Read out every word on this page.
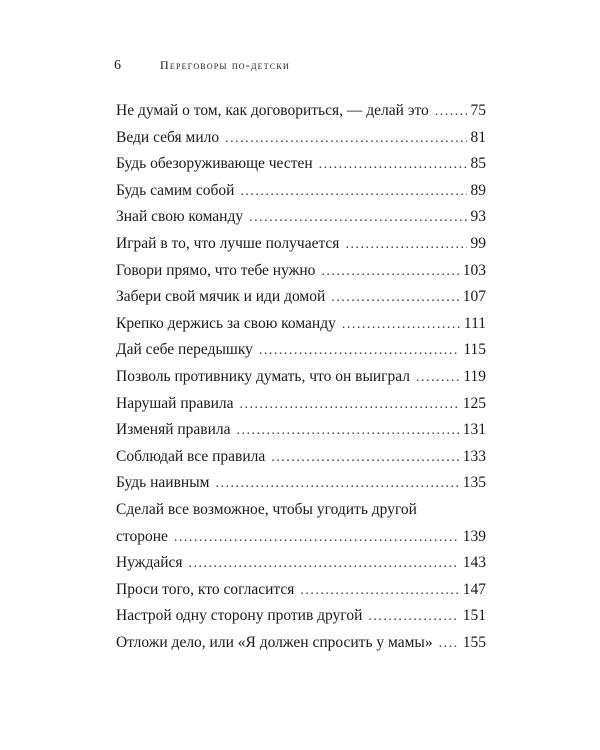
6	Переговоры по-детски
Не думай о том, как договориться, — делай это . . .	75
Веди себя мило . . .	81
Будь обезоруживающе честен . . .	85
Будь самим собой . . .	89
Знай свою команду . . .	93
Играй в то, что лучше получается . . .	99
Говори прямо, что тебе нужно . . .	103
Забери свой мячик и иди домой . . .	107
Крепко держись за свою команду . . .	111
Дай себе передышку . . .	115
Позволь противнику думать, что он выиграл . . .	119
Нарушай правила . . .	125
Изменяй правила . . .	131
Соблюдай все правила . . .	133
Будь наивным . . .	135
Сделай все возможное, чтобы угодить другой
стороне . . .	139
Нуждайся . . .	143
Проси того, кто согласится . . .	147
Настрой одну сторону против другой . . .	151
Отложи дело, или «Я должен спросить у мамы» . . . 155
